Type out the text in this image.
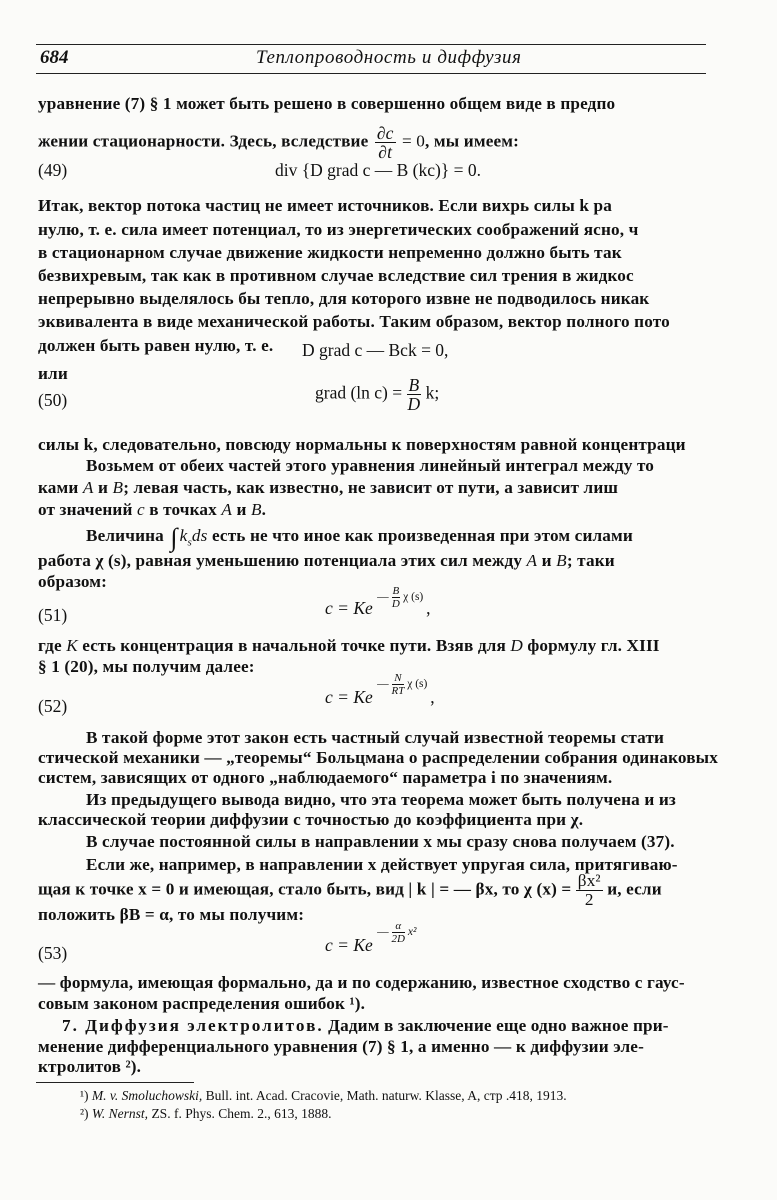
684	Теплопроводность и диффузия
уравнение (7) § 1 может быть решено в совершенно общем виде в предпо
жении стационарности. Здесь, вследствие $\frac{\partial c}{\partial t} = 0$, мы имеем:
(49)	div {D grad c — B (kc)} = 0.
Итак, вектор потока частиц не имеет источников. Если вихрь силы k ра
нулю, т. е. сила имеет потенциал, то из энергетических соображений ясно, ч
в стационарном случае движение жидкости непременно должно быть так
безвихревым, так как в противном случае вследствие сил трения в жидкос
непрерывно выделялось бы тепло, для которого извне не подводилось никак
эквивалента в виде механической работы. Таким образом, вектор полного пото
должен быть равен нулю, т. е. D grad c — Bck = 0,
или
(50)	grad (ln $c) = \frac{B}{D} k$;
силы k, следовательно, повсюду нормальны к поверхностям равной концентраци
Возьмем от обеих частей этого уравнения линейный интеграл между то
ками A и B; левая часть, как известно, не зависит от пути, а зависит лиш
от значений c в точках A и B.
Величина ∫ $k_sds$ есть не что иное как произведенная при этом силами
работа χ (s), равная уменьшению потенциала этих сил между A и B; таки
образом:
(51)	c = Ke $^{— \frac{B}{D} \chi (s)}$ ,
где K есть концентрация в начальной точке пути. Взяв для D формулу гл. XIII
§ 1 (20), мы получим далее:
(52)	c = Ke $^{— \frac{N}{RT} \chi (s)}$ ,
В такой форме этот закон есть частный случай известной теоремы стати
стической механики — „теоремы“ Больцмана о распределении собрания одинаковых
систем, зависящих от одного „наблюдаемого“ параметра i по значениям.
Из предыдущего вывода видно, что эта теорема может быть получена и из
классической теории диффузии с точностью до коэффициента при χ.
В случае постоянной силы в направлении x мы сразу снова получаем (37).
Если же, например, в направлении x действует упругая сила, притягиваю-
щая к точке x = 0 и имеющая, стало быть, вид | k | = — βx, то χ $(x) = \frac{\text{βx²}}{2} и$, если
положить βB = α, то мы получим:
(53)	c = Ke $^{— \frac{\alpha}{2D} x^2}$
— формула, имеющая формально, да и по содержанию, известное сходство с гаус-
совым законом распределения ошибок ¹).
7. Диффузия электролитов. Дадим в заключение еще одно важное при-
менение дифференциального уравнения (7) § 1, а именно — к диффузии эле-
ктролитов ²).
¹) M. v. Smoluchowski, Bull. int. Acad. Cracovie, Math. naturw. Klasse, A, стр .418, 1913.
²) W. Nernst, ZS. f. Phys. Chem. 2., 613, 1888.
